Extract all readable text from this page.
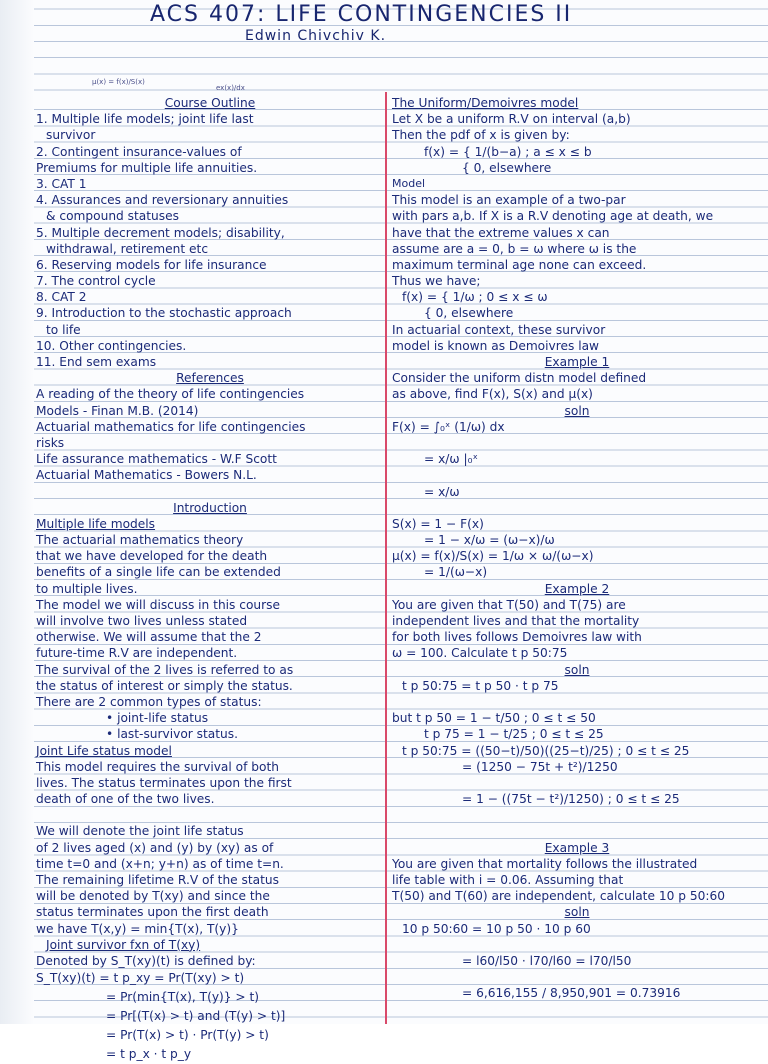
ACS 407: LIFE CONTINGENCIES II
Edwin Chivchiv K.
μ(x) = f(x)/S(x)
ex(x)/dx
Course Outline
1. Multiple life models; joint life last
survivor
2. Contingent insurance-values of
Premiums for multiple life annuities.
3. CAT 1
4. Assurances and reversionary annuities
& compound statuses
5. Multiple decrement models; disability,
withdrawal, retirement etc
6. Reserving models for life insurance
7. The control cycle
8. CAT 2
9. Introduction to the stochastic approach
to life
10. Other contingencies.
11. End sem exams
References
A reading of the theory of life contingencies
Models - Finan M.B. (2014)
Actuarial mathematics for life contingencies
risks
Life assurance mathematics - W.F Scott
Actuarial Mathematics - Bowers N.L.
Introduction
Multiple life models
The actuarial mathematics theory
that we have developed for the death
benefits of a single life can be extended
to multiple lives.
The model we will discuss in this course
will involve two lives unless stated
otherwise. We will assume that the 2
future-time R.V are independent.
The survival of the 2 lives is referred to as
the status of interest or simply the status.
There are 2 common types of status:
• joint-life status
• last-survivor status.
Joint Life status model
This model requires the survival of both
lives. The status terminates upon the first
death of one of the two lives.
We will denote the joint life status
of 2 lives aged (x) and (y) by (xy) as of
time t=0 and (x+n; y+n) as of time t=n.
The remaining lifetime R.V of the status
will be denoted by T(xy) and since the
status terminates upon the first death
we have T(x,y) = min{T(x), T(y)}
Joint survivor fxn of T(xy)
Denoted by S_T(xy)(t) is defined by:
S_T(xy)(t) = t p_xy = Pr(T(xy) > t)
= Pr(min{T(x), T(y)} > t)
= Pr[(T(x) > t) and (T(y) > t)]
= Pr(T(x) > t) · Pr(T(y) > t)
= t p_x · t p_y
The Uniform/Demoivres model
Let X be a uniform R.V on interval (a,b)
Then the pdf of x is given by:
f(x) = { 1/(b−a) ; a ≤ x ≤ b
{ 0, elsewhere
Model
This model is an example of a two-par
with pars a,b. If X is a R.V denoting age at death, we
have that the extreme values x can
assume are a = 0, b = ω where ω is the
maximum terminal age none can exceed.
Thus we have;
f(x) = { 1/ω ; 0 ≤ x ≤ ω
{ 0, elsewhere
In actuarial context, these survivor
model is known as Demoivres law
Example 1
Consider the uniform distn model defined
as above, find F(x), S(x) and μ(x)
soln
F(x) = ∫₀ˣ (1/ω) dx
= x/ω |₀ˣ
= x/ω
S(x) = 1 − F(x)
= 1 − x/ω = (ω−x)/ω
μ(x) = f(x)/S(x) = 1/ω × ω/(ω−x)
= 1/(ω−x)
Example 2
You are given that T(50) and T(75) are
independent lives and that the mortality
for both lives follows Demoivres law with
ω = 100. Calculate t p 50:75
soln
t p 50:75 = t p 50 · t p 75
but t p 50 = 1 − t/50 ; 0 ≤ t ≤ 50
t p 75 = 1 − t/25 ; 0 ≤ t ≤ 25
t p 50:75 = ((50−t)/50)((25−t)/25) ; 0 ≤ t ≤ 25
= (1250 − 75t + t²)/1250
= 1 − ((75t − t²)/1250) ; 0 ≤ t ≤ 25
Example 3
You are given that mortality follows the illustrated
life table with i = 0.06. Assuming that
T(50) and T(60) are independent, calculate 10 p 50:60
soln
10 p 50:60 = 10 p 50 · 10 p 60
= l60/l50 · l70/l60 = l70/l50
= 6,616,155 / 8,950,901 = 0.73916
